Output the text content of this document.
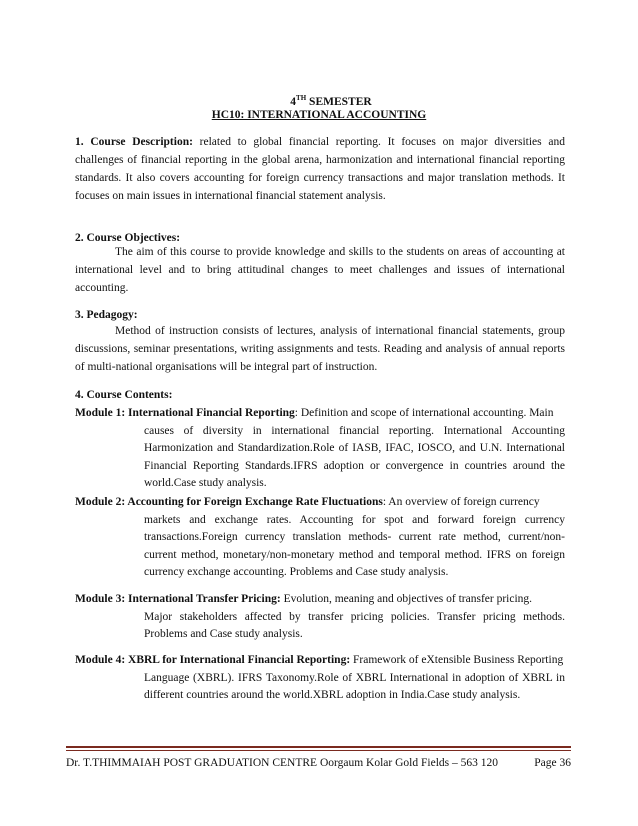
4TH SEMESTER
HC10: INTERNATIONAL ACCOUNTING
1. Course Description: related to global financial reporting. It focuses on major diversities and challenges of financial reporting in the global arena, harmonization and international financial reporting standards. It also covers accounting for foreign currency transactions and major translation methods. It focuses on main issues in international financial statement analysis.
2. Course Objectives:
The aim of this course to provide knowledge and skills to the students on areas of accounting at international level and to bring attitudinal changes to meet challenges and issues of international accounting.
3. Pedagogy:
Method of instruction consists of lectures, analysis of international financial statements, group discussions, seminar presentations, writing assignments and tests. Reading and analysis of annual reports of multi-national organisations will be integral part of instruction.
4. Course Contents:
Module 1: International Financial Reporting: Definition and scope of international accounting. Main
causes of diversity in international financial reporting. International Accounting Harmonization and Standardization.Role of IASB, IFAC, IOSCO, and U.N. International Financial Reporting Standards.IFRS adoption or convergence in countries around the world.Case study analysis.
Module 2: Accounting for Foreign Exchange Rate Fluctuations: An overview of foreign currency
markets and exchange rates. Accounting for spot and forward foreign currency transactions.Foreign currency translation methods- current rate method, current/non-current method, monetary/non-monetary method and temporal method. IFRS on foreign currency exchange accounting. Problems and Case study analysis.
Module 3: International Transfer Pricing: Evolution, meaning and objectives of transfer pricing.
Major stakeholders affected by transfer pricing policies. Transfer pricing methods. Problems and Case study analysis.
Module 4: XBRL for International Financial Reporting: Framework of eXtensible Business Reporting
Language (XBRL). IFRS Taxonomy.Role of XBRL International in adoption of XBRL in different countries around the world.XBRL adoption in India.Case study analysis.
Dr. T.THIMMAIAH POST GRADUATION CENTRE Oorgaum Kolar Gold Fields – 563 120	Page 36
